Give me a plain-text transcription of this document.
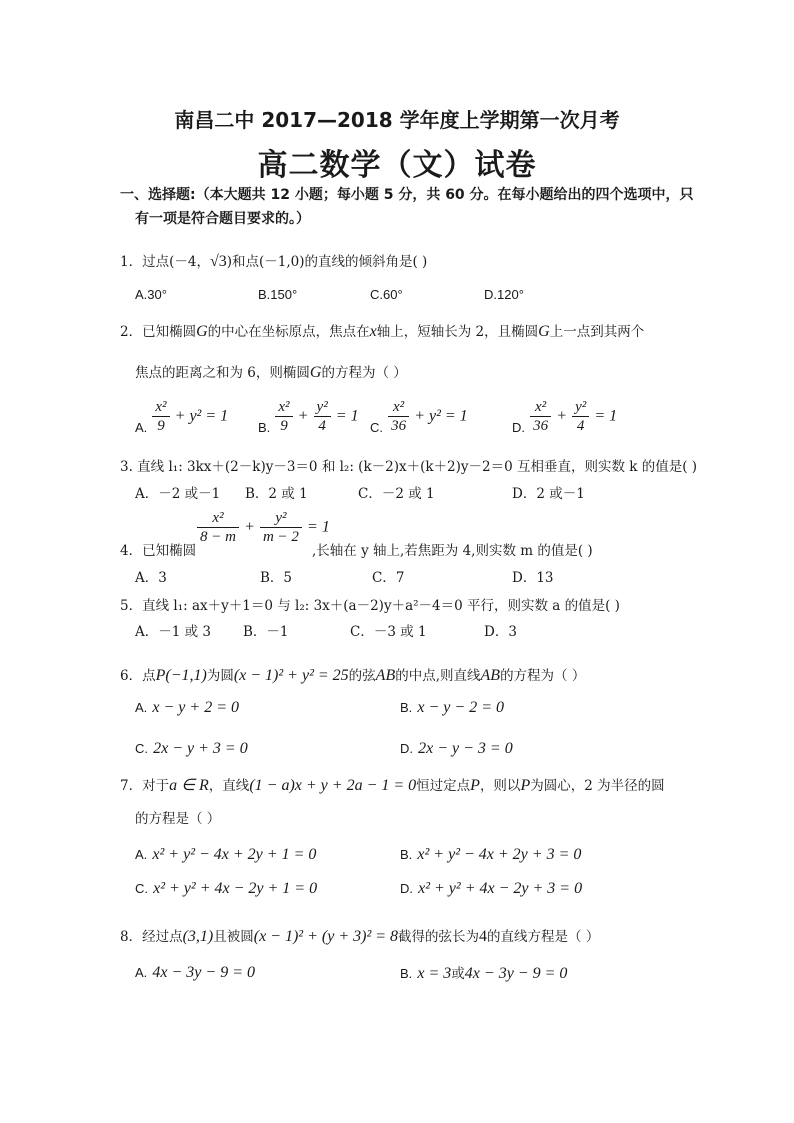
南昌二中 2017—2018 学年度上学期第一次月考
高二数学（文）试卷
一、选择题:（本大题共 12 小题；每小题 5 分，共 60 分。在每小题给出的四个选项中，只
有一项是符合题目要求的。）
1．过点(－4，√3)和点(－1,0)的直线的倾斜角是( )
A.30°	B.150°	C.60°	D.120°
2．已知椭圆G的中心在坐标原点，焦点在x轴上，短轴长为 2，且椭圆G上一点到其两个
焦点的距离之和为 6，则椭圆G的方程为（ ）
A. $\frac{\text{x²}}{9} + y^2 = 1$
B. $\frac{\text{x²}}{9} + \frac{\text{y²}}{4} = 1$
C. $\frac{\text{x²}}{36} + y^2 = 1$
D. $\frac{\text{x²}}{36} + \frac{\text{y²}}{4} = 1$
3. 直线 l₁: 3kx＋(2－k)y－3＝0 和 l₂: (k－2)x＋(k＋2)y－2＝0 互相垂直，则实数 k 的值是( )
A．－2 或－1 B．2 或 1	C．－2 或 1	D．2 或－1
$\frac{\text{x²}}{8 - m} + \frac{\text{y²}}{m - 2} = 1$
4．已知椭圆	,长轴在 y 轴上,若焦距为 4,则实数 m 的值是( )
A．3	B．5	C．7	D．13
5．直线 l₁: ax＋y＋1＝0 与 l₂: 3x＋(a－2)y＋a²－4＝0 平行，则实数 a 的值是( )
A．－1 或 3 B．－1	C．－3 或 1	D．3
6．点P(−1,1)为圆(x − 1)² + y² = 25的弦AB的中点,则直线AB的方程为（ ）
A. x − y + 2 = 0	B. x − y − 2 = 0
C. 2x − y + 3 = 0	D. 2x − y − 3 = 0
7．对于a ∈ R，直线(1 − a)x + y + 2a − 1 = 0恒过定点P，则以P为圆心，2 为半径的圆
的方程是（ ）
A. x² + y² − 4x + 2y + 1 = 0	B. x² + y² − 4x + 2y + 3 = 0
C. x² + y² + 4x − 2y + 1 = 0	D. x² + y² + 4x − 2y + 3 = 0
8．经过点(3,1)且被圆(x − 1)² + (y + 3)² = 8截得的弦长为4的直线方程是（ ）
A. 4x − 3y − 9 = 0	B. x = 3或4x − 3y − 9 = 0
